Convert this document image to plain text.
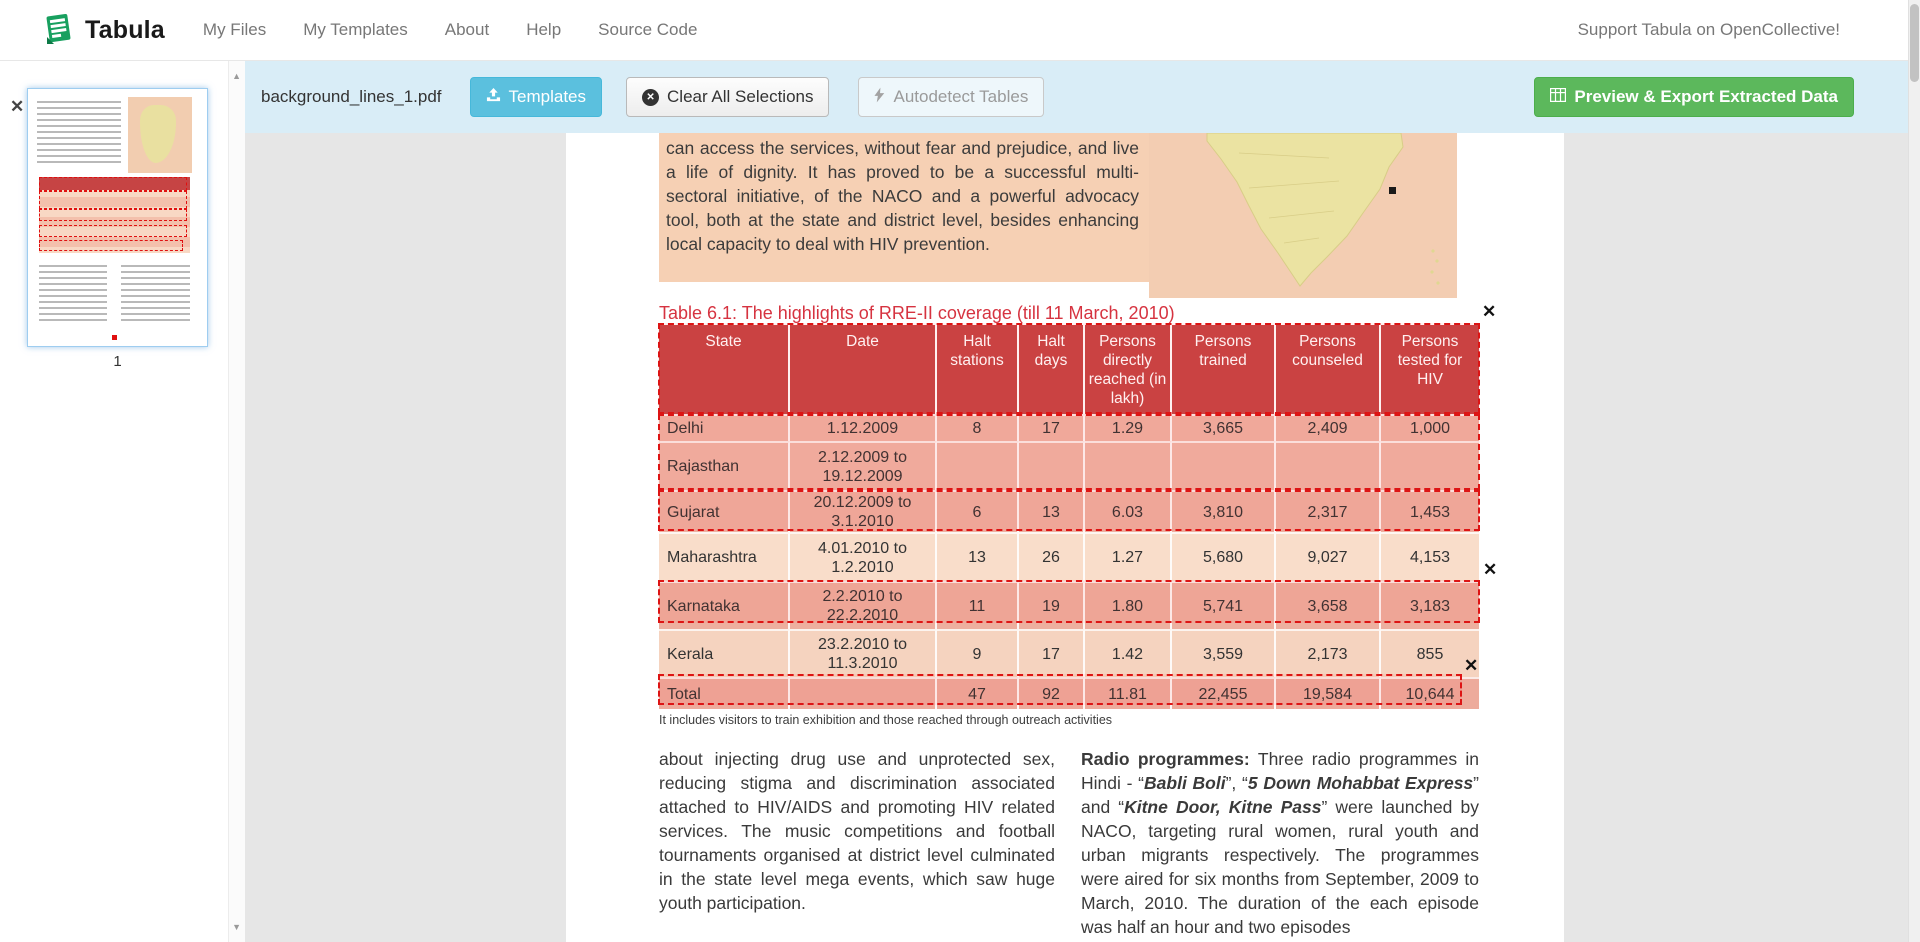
Tabula My Files My Templates About Help Source Code	Support Tabula on OpenCollective!
✕
1
▲
▼
background_lines_1.pdf	Templates	✕ Clear All Selections	Autodetect Tables	Preview & Export Extracted Data
can access the services, without fear and prejudice, and live a life of dignity. It has proved to be a successful multi-sectoral initiative, of the NACO and a powerful advocacy tool, both at the state and district level, besides enhancing local capacity to deal with HIV prevention.
Table 6.1: The highlights of RRE-II coverage (till 11 March, 2010)
State	Date	Halt stations	Halt days	Persons directly reached (in lakh)	Persons trained	Persons counseled	Persons tested for HIV
Delhi	1.12.2009	8	17	1.29	3,665	2,409	1,000
Rajasthan	2.12.2009 to 19.12.2009						
Gujarat	20.12.2009 to 3.1.2010	6	13	6.03	3,810	2,317	1,453
Maharashtra	4.01.2010 to 1.2.2010	13	26	1.27	5,680	9,027	4,153
Karnataka	2.2.2010 to 22.2.2010	11	19	1.80	5,741	3,658	3,183
Kerala	23.2.2010 to 11.3.2010	9	17	1.42	3,559	2,173	855
Total		47	92	11.81	22,455	19,584	10,644
✕
✕
✕
It includes visitors to train exhibition and those reached through outreach activities
about injecting drug use and unprotected sex, reducing stigma and discrimination associated attached to HIV/AIDS and promoting HIV related services. The music competitions and football tournaments organised at district level culminated in the state level mega events, which saw huge youth participation.
Radio programmes: Three radio programmes in Hindi - “Babli Boli”, “5 Down Mohabbat Express” and “Kitne Door, Kitne Pass” were launched by NACO, targeting rural women, rural youth and urban migrants respectively. The programmes were aired for six months from September, 2009 to March, 2010. The duration of the each episode was half an hour and two episodes
